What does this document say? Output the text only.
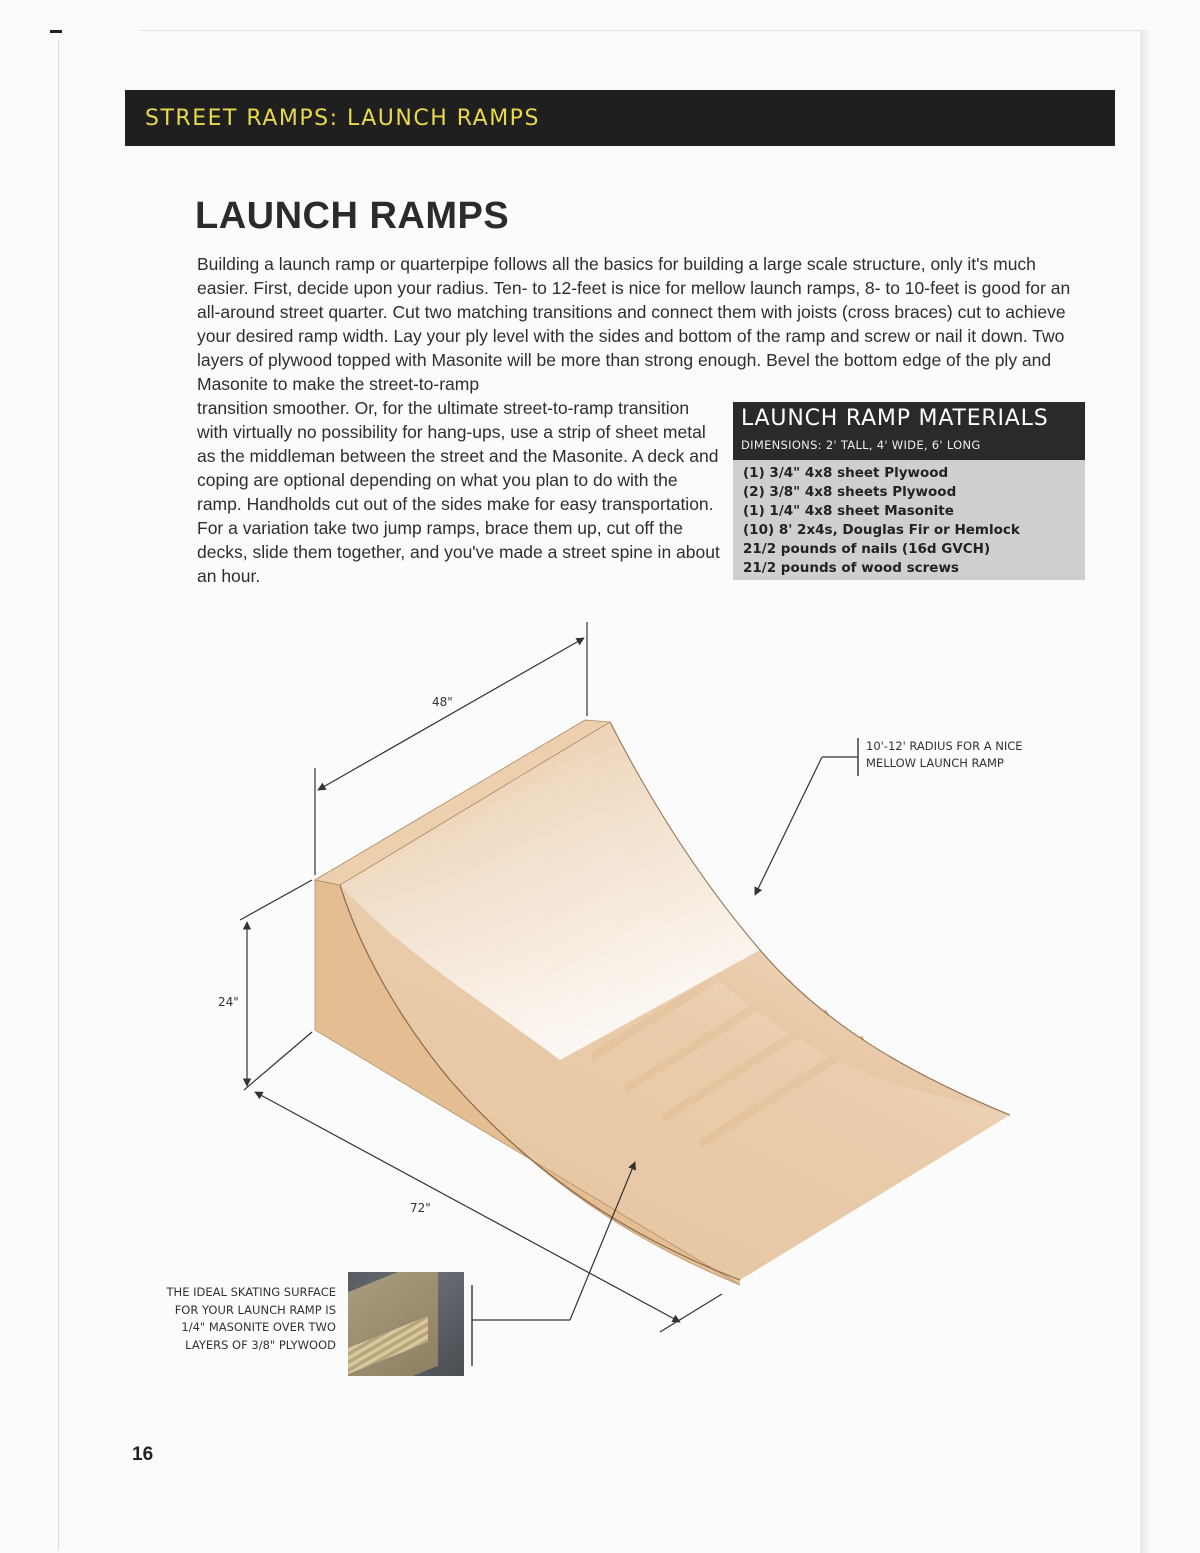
STREET RAMPS: LAUNCH RAMPS
LAUNCH RAMPS

Building a launch ramp or quarterpipe follows all the basics for building a large scale structure, only it's much easier. First, decide upon your radius. Ten- to 12-feet is nice for mellow launch ramps, 8- to 10-feet is good for an all-around street quarter. Cut two matching transitions and connect them with joists (cross braces) cut to achieve your desired ramp width. Lay your ply level with the sides and bottom of the ramp and screw or nail it down. Two layers of plywood topped with Masonite will be more than strong enough. Bevel the bottom edge of the ply and Masonite to make the street-to-ramp

transition smoother. Or, for the ultimate street-to-ramp transition with virtually no possibility for hang-ups, use a strip of sheet metal as the middleman between the street and the Masonite. A deck and coping are optional depending on what you plan to do with the ramp. Handholds cut out of the sides make for easy transportation. For a variation take two jump ramps, brace them up, cut off the decks, slide them together, and you've made a street spine in about an hour.

LAUNCH RAMP MATERIALS
DIMENSIONS: 2' TALL, 4' WIDE, 6' LONG
(1) 3/4" 4x8 sheet Plywood
(2) 3/8" 4x8 sheets Plywood
(1) 1/4" 4x8 sheet Masonite
(10) 8' 2x4s, Douglas Fir or Hemlock
21/2 pounds of nails (16d GVCH)
21/2 pounds of wood screws
48"
24"
72"
10'-12' RADIUS FOR A NICE
MELLOW LAUNCH RAMP
THE IDEAL SKATING SURFACE
FOR YOUR LAUNCH RAMP IS
1/4" MASONITE OVER TWO
LAYERS OF 3/8" PLYWOOD
16
